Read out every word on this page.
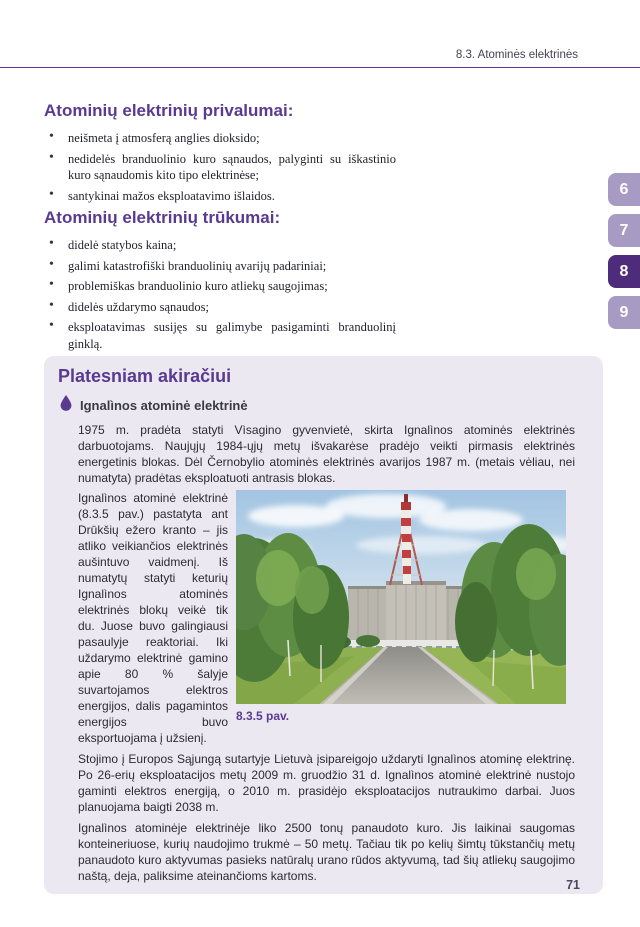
8.3. Atominės elektrinės
Atominių elektrinių privalumai:
• neišmeta į atmosferą anglies dioksido;
• nedidelės branduolinio kuro sąnaudos, palyginti su iškastinio kuro sąnaudomis kito tipo elektrinėse;
• santykinai mažos eksploatavimo išlaidos.
Atominių elektrinių trūkumai:
• didelė statybos kaina;
• galimi katastrofiški branduolinių avarijų padariniai;
• problemiškas branduolinio kuro atliekų saugojimas;
• didelės uždarymo sąnaudos;
• eksploatavimas susijęs su galimybe pasigaminti branduolinį ginklą.
Platesniam akiračiui
Ignalìnos atominė elektrinė

1975 m. pradėta statyti Vìsagino gyvenvietė, skirta Ignalìnos atominės elektrinės darbuotojams. Naujųjų 1984-ųjų metų išvakarėse pradėjo veikti pirmasis elektrinės energetinis blokas. Dėl Černobylio atominės elektrinės avarijos 1987 m. (metais vėliau, nei numatyta) pradėtas eksploatuoti antrasis blokas.

Ignalìnos atominė elektrinė (8.3.5 pav.) pastatyta ant Drūkšių ežero kranto – jis atliko veikiančios elektrinės aušintuvo vaidmenį. Iš numatytų statyti keturių Ignalìnos atominės elektrinės blokų veikė tik du. Juose buvo galingiausi pasaulyje reaktoriai. Iki uždarymo elektrinė gamino apie 80 % šalyje suvartojamos elektros energijos, dalis pagamintos energijos buvo eksportuojama į užsienį.
8.3.5 pav.

Stojimo į Europos Sąjungą sutartyje Lietuvà įsipareigojo uždaryti Ignalìnos atominę elektrinę. Po 26-erių eksploatacijos metų 2009 m. gruodžio 31 d. Ignalìnos atominė elektrinė nustojo gaminti elektros energiją, o 2010 m. prasidėjo eksploatacijos nutraukimo darbai. Juos planuojama baigti 2038 m.

Ignalìnos atominėje elektrinėje liko 2500 tonų panaudoto kuro. Jis laikinai saugomas konteineriuose, kurių naudojimo trukmė – 50 metų. Tačiau tik po kelių šimtų tūkstančių metų panaudoto kuro aktyvumas pasieks natūralų urano rūdos aktyvumą, tad šių atliekų saugojimo naštą, deja, paliksime ateinančioms kartoms.

6
7
8
9
71
